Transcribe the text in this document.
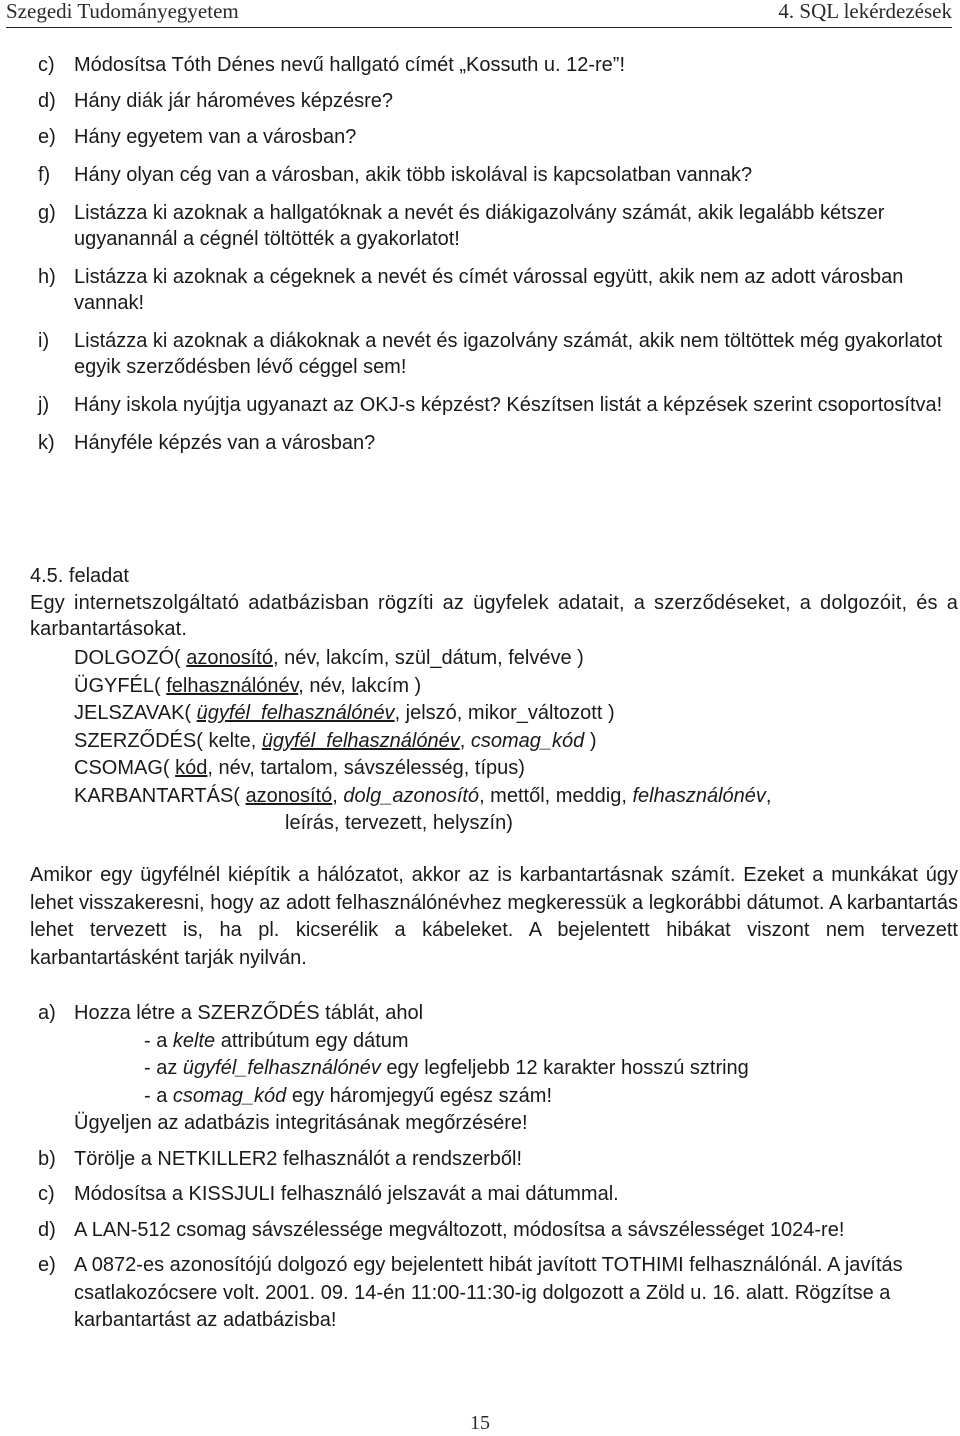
Szegedi Tudományegyetem	4. SQL lekérdezések
c) Módosítsa Tóth Dénes nevű hallgató címét „Kossuth u. 12-re”!
d) Hány diák jár hároméves képzésre?
e) Hány egyetem van a városban?
f) Hány olyan cég van a városban, akik több iskolával is kapcsolatban vannak?
g) Listázza ki azoknak a hallgatóknak a nevét és diákigazolvány számát, akik legalább kétszer ugyanannál a cégnél töltötték a gyakorlatot!
h) Listázza ki azoknak a cégeknek a nevét és címét várossal együtt, akik nem az adott városban vannak!
i) Listázza ki azoknak a diákoknak a nevét és igazolvány számát, akik nem töltöttek még gyakorlatot egyik szerződésben lévő céggel sem!
j) Hány iskola nyújtja ugyanazt az OKJ-s képzést? Készítsen listát a képzések szerint csoportosítva!
k) Hányféle képzés van a városban?
4.5. feladat

Egy internetszolgáltató adatbázisban rögzíti az ügyfelek adatait, a szerződéseket, a dolgozóit, és a karbantartásokat.

DOLGOZÓ( azonosító, név, lakcím, szül_dátum, felvéve )
ÜGYFÉL( felhasználónév, név, lakcím )
JELSZAVAK( ügyfél_felhasználónév, jelszó, mikor_változott )
SZERZŐDÉS( kelte, ügyfél_felhasználónév, csomag_kód )
CSOMAG( kód, név, tartalom, sávszélesség, típus)
KARBANTARTÁS( azonosító, dolg_azonosító, mettől, meddig, felhasználónév,
leírás, tervezett, helyszín)

Amikor egy ügyfélnél kiépítik a hálózatot, akkor az is karbantartásnak számít. Ezeket a munkákat úgy lehet visszakeresni, hogy az adott felhasználónévhez megkeressük a legkorábbi dátumot. A karbantartás lehet tervezett is, ha pl. kicserélik a kábeleket. A bejelentett hibákat viszont nem tervezett karbantartásként tarják nyilván.

a) Hozza létre a SZERZŐDÉS táblát, ahol
- a kelte attribútum egy dátum
- az ügyfél_felhasználónév egy legfeljebb 12 karakter hosszú sztring
- a csomag_kód egy háromjegyű egész szám!
Ügyeljen az adatbázis integritásának megőrzésére!
b) Törölje a NETKILLER2 felhasználót a rendszerből!
c) Módosítsa a KISSJULI felhasználó jelszavát a mai dátummal.
d) A LAN-512 csomag sávszélessége megváltozott, módosítsa a sávszélességet 1024-re!
e) A 0872-es azonosítójú dolgozó egy bejelentett hibát javított TOTHIMI felhasználónál. A javítás csatlakozócsere volt. 2001. 09. 14-én 11:00-11:30-ig dolgozott a Zöld u. 16. alatt. Rögzítse a karbantartást az adatbázisba!
15
